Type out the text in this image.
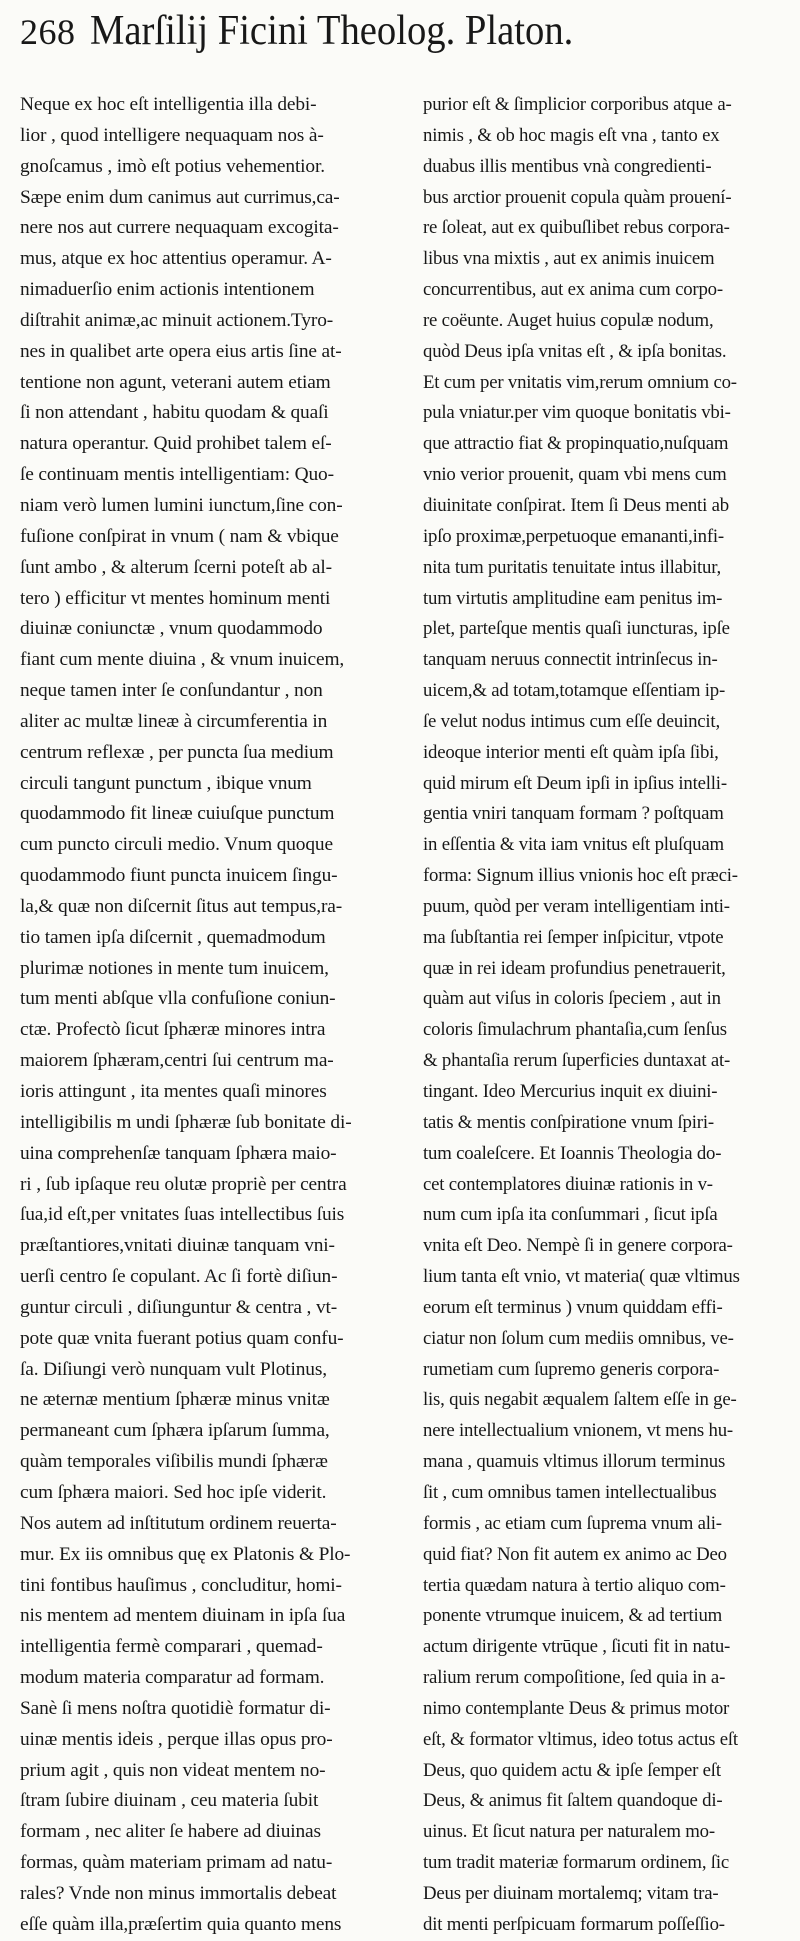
268 Marſilij Ficini Theolog. Platon.
Neque ex hoc eſt intelligentia illa debi-
lior , quod intelligere nequaquam nos à-
gnoſcamus , imò eſt potius vehementior.
Sæpe enim dum canimus aut currimus,ca-
nere nos aut currere nequaquam excogita-
mus, atque ex hoc attentius operamur. A-
nimaduerſio enim actionis intentionem
diſtrahit animæ,ac minuit actionem.Tyro-
nes in qualibet arte opera eius artis ſine at-
tentione non agunt, veterani autem etiam
ſi non attendant , habitu quodam & quaſi
natura operantur. Quid prohibet talem eſ-
ſe continuam mentis intelligentiam: Quo-
niam verò lumen lumini iunctum,ſine con-
fuſione conſpirat in vnum ( nam & vbique
ſunt ambo , & alterum ſcerni poteſt ab al-
tero ) efficitur vt mentes hominum menti
diuinæ coniunctæ , vnum quodammodo
fiant cum mente diuina , & vnum inuicem,
neque tamen inter ſe conſundantur , non
aliter ac multæ lineæ à circumferentia in
centrum reflexæ , per puncta ſua medium
circuli tangunt punctum , ibique vnum
quodammodo fit lineæ cuiuſque punctum
cum puncto circuli medio. Vnum quoque
quodammodo fiunt puncta inuicem ſingu-
la,& quæ non diſcernit ſitus aut tempus,ra-
tio tamen ipſa diſcernit , quemadmodum
plurimæ notiones in mente tum inuicem,
tum menti abſque vlla confuſione coniun-
ctæ. Profectò ſicut ſphæræ minores intra
maiorem ſphæram,centri ſui centrum ma-
ioris attingunt , ita mentes quaſi minores
intelligibilis m undi ſphæræ ſub bonitate di-
uina comprehenſæ tanquam ſphæra maio-
ri , ſub ipſaque reu olutæ propriè per centra
ſua,id eſt,per vnitates ſuas intellectibus ſuis
præſtantiores,vnitati diuinæ tanquam vni-
uerſi centro ſe copulant. Ac ſi fortè diſiun-
guntur circuli , diſiunguntur & centra , vt-
pote quæ vnita fuerant potius quam confu-
ſa. Diſiungi verò nunquam vult Plotinus,
ne æternæ mentium ſphæræ minus vnitæ
permaneant cum ſphæra ipſarum ſumma,
quàm temporales viſibilis mundi ſphæræ
cum ſphæra maiori. Sed hoc ipſe viderit.
Nos autem ad inſtitutum ordinem reuerta-
mur. Ex iis omnibus quę ex Platonis & Plo-
tini fontibus hauſimus , concluditur, homi-
nis mentem ad mentem diuinam in ipſa ſua
intelligentia fermè comparari , quemad-
modum materia comparatur ad formam.
Sanè ſi mens noſtra quotidiè formatur di-
uinæ mentis ideis , perque illas opus pro-
prium agit , quis non videat mentem no-
ſtram ſubire diuinam , ceu materia ſubit
formam , nec aliter ſe habere ad diuinas
formas, quàm materiam primam ad natu-
rales? Vnde non minus immortalis debeat
eſſe quàm illa,præſertim quia quanto mens
purior eſt & ſimplicior corporibus atque a-
nimis , & ob hoc magis eſt vna , tanto ex
duabus illis mentibus vnà congredienti-
bus arctior prouenit copula quàm prouení-
re ſoleat, aut ex quibuſlibet rebus corpora-
libus vna mixtis , aut ex animis inuicem
concurrentibus, aut ex anima cum corpo-
re coëunte. Auget huius copulæ nodum,
quòd Deus ipſa vnitas eſt , & ipſa bonitas.
Et cum per vnitatis vim,rerum omnium co-
pula vniatur.per vim quoque bonitatis vbi-
que attractio fiat & propinquatio,nuſquam
vnio verior prouenit, quam vbi mens cum
diuinitate conſpirat. Item ſi Deus menti ab
ipſo proximæ,perpetuoque emananti,infi-
nita tum puritatis tenuitate intus illabitur,
tum virtutis amplitudine eam penitus im-
plet, parteſque mentis quaſi iuncturas, ipſe
tanquam neruus connectit intrinſecus in-
uicem,& ad totam,totamque eſſentiam ip-
ſe velut nodus intimus cum eſſe deuincit,
ideoque interior menti eſt quàm ipſa ſibi,
quid mirum eſt Deum ipſi in ipſius intelli-
gentia vniri tanquam formam ? poſtquam
in eſſentia & vita iam vnitus eſt pluſquam
forma: Signum illius vnionis hoc eſt præci-
puum, quòd per veram intelligentiam inti-
ma ſubſtantia rei ſemper inſpicitur, vtpote
quæ in rei ideam profundius penetrauerit,
quàm aut viſus in coloris ſpeciem , aut in
coloris ſimulachrum phantaſia,cum ſenſus
& phantaſia rerum ſuperficies duntaxat at-
tingant. Ideo Mercurius inquit ex diuini-
tatis & mentis conſpiratione vnum ſpiri-
tum coaleſcere. Et Ioannis Theologia do-
cet contemplatores diuinæ rationis in v-
num cum ipſa ita conſummari , ſicut ipſa
vnita eſt Deo. Nempè ſi in genere corpora-
lium tanta eſt vnio, vt materia( quæ vltimus
eorum eſt terminus ) vnum quiddam effi-
ciatur non ſolum cum mediis omnibus, ve-
rumetiam cum ſupremo generis corpora-
lis, quis negabit æqualem ſaltem eſſe in ge-
nere intellectualium vnionem, vt mens hu-
mana , quamuis vltimus illorum terminus
ſit , cum omnibus tamen intellectualibus
formis , ac etiam cum ſuprema vnum ali-
quid fiat? Non fit autem ex animo ac Deo
tertia quædam natura à tertio aliquo com-
ponente vtrumque inuicem, & ad tertium
actum dirigente vtrūque , ſicuti fit in natu-
ralium rerum compoſitione, ſed quia in a-
nimo contemplante Deus & primus motor
eſt, & formator vltimus, ideo totus actus eſt
Deus, quo quidem actu & ipſe ſemper eſt
Deus, & animus fit ſaltem quandoque di-
uinus. Et ſicut natura per naturalem mo-
tum tradit materiæ formarum ordinem, ſic
Deus per diuinam mortalemq; vitam tra-
dit menti perſpicuam formarum poſſeſſio-
